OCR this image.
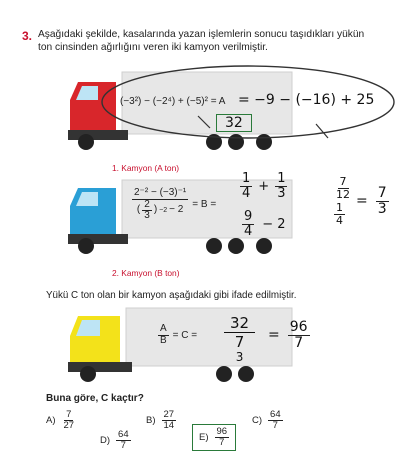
3. Aşağıdaki şekilde, kasalarında yazan işlemlerin sonucu taşıdıkları yükün ton cinsinden ağırlığını veren iki kamyon verilmiştir.
(−3²) − (−2⁴) + (−5)² = A = −9 − (−16) + 25
32
1. Kamyon (A ton)
$\frac{\text{2⁻² − (−3)⁻¹}}{( \frac{2}{3} ) -2 - 2} = B$ =
$\frac{1}{4} + \frac{1}{3}$
$\frac{9}{4} - 2$
$\frac{7}{12}$

$\frac{1}{4}$
= $\frac{7}{3}$
2. Kamyon (B ton)
Yükü C ton olan bir kamyon aşağıdaki gibi ifade edilmiştir.
$\frac{A}{B} = C$ =
32
7
3
= $\frac{96}{7}$
Buna göre, C kaçtır?
$A) \frac{7}{27}$	$B) \frac{27}{14}$	$C) \frac{64}{7}$
$D) \frac{64}{7}$	$E) \frac{96}{7}$
